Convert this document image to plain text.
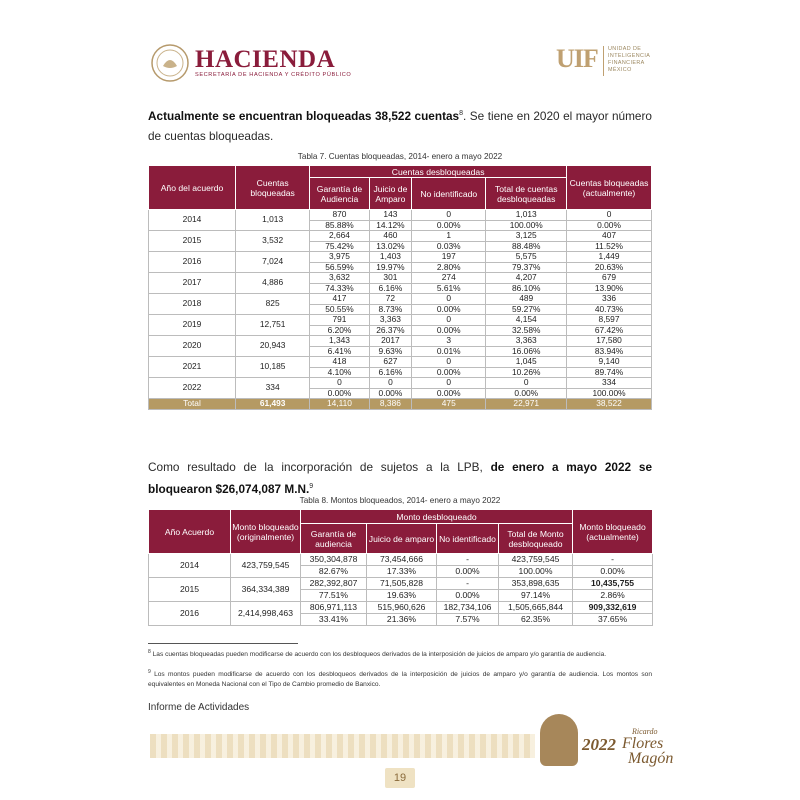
HACIENDA
SECRETARÍA DE HACIENDA Y CRÉDITO PÚBLICO
UIF UNIDAD DE
INTELIGENCIA
FINANCIERA
MÉXICO
Actualmente se encuentran bloqueadas 38,522 cuentas$^8$. Se tiene en 2020 el mayor número de cuentas bloqueadas.
Tabla 7. Cuentas bloqueadas, 2014- enero a mayo 2022
Año del acuerdo	Cuentas bloqueadas	Cuentas desbloqueadas				Cuentas bloqueadas (actualmente)
		Garantía de Audiencia	Juicio de Amparo	No identificado	Total de cuentas desbloqueadas	
2014	1,013	870	143	0	1,013	0
		85.88%	14.12%	0.00%	100.00%	0.00%
2015	3,532	2,664	460	1	3,125	407
		75.42%	13.02%	0.03%	88.48%	11.52%
2016	7,024	3,975	1,403	197	5,575	1,449
		56.59%	19.97%	2.80%	79.37%	20.63%
2017	4,886	3,632	301	274	4,207	679
		74.33%	6.16%	5.61%	86.10%	13.90%
2018	825	417	72	0	489	336
		50.55%	8.73%	0.00%	59.27%	40.73%
2019	12,751	791	3,363	0	4,154	8,597
		6.20%	26.37%	0.00%	32.58%	67.42%
2020	20,943	1,343	2017	3	3,363	17,580
		6.41%	9.63%	0.01%	16.06%	83.94%
2021	10,185	418	627	0	1,045	9,140
		4.10%	6.16%	0.00%	10.26%	89.74%
2022	334	0	0	0	0	334
		0.00%	0.00%	0.00%	0.00%	100.00%
Total	61,493	14,110	8,386	475	22,971	38,522
Como resultado de la incorporación de sujetos a la LPB, de enero a mayo 2022 se bloquearon $26,074,087 M.N.$^9$
Tabla 8. Montos bloqueados, 2014- enero a mayo 2022
Año Acuerdo	Monto bloqueado (originalmente)	Monto desbloqueado				Monto bloqueado (actualmente)
		Garantía de audiencia	Juicio de amparo	No identificado	Total de Monto desbloqueado	
2014	423,759,545	350,304,878	73,454,666	-	423,759,545	-
		82.67%	17.33%	0.00%	100.00%	0.00%
2015	364,334,389	282,392,807	71,505,828	-	353,898,635	10,435,755
		77.51%	19.63%	0.00%	97.14%	2.86%
2016	2,414,998,463	806,971,113	515,960,626	182,734,106	1,505,665,844	909,332,619
		33.41%	21.36%	7.57%	62.35%	37.65%
$^8$ Las cuentas bloqueadas pueden modificarse de acuerdo con los desbloqueos derivados de la interposición de juicios de amparo y/o garantía de audiencia.
$^9$ Los montos pueden modificarse de acuerdo con los desbloqueos derivados de la interposición de juicios de amparo y/o garantía de audiencia. Los montos son equivalentes en Moneda Nacional con el Tipo de Cambio promedio de Banxico.
Informe de Actividades
2022
Ricardo
Flores
Magón
19
